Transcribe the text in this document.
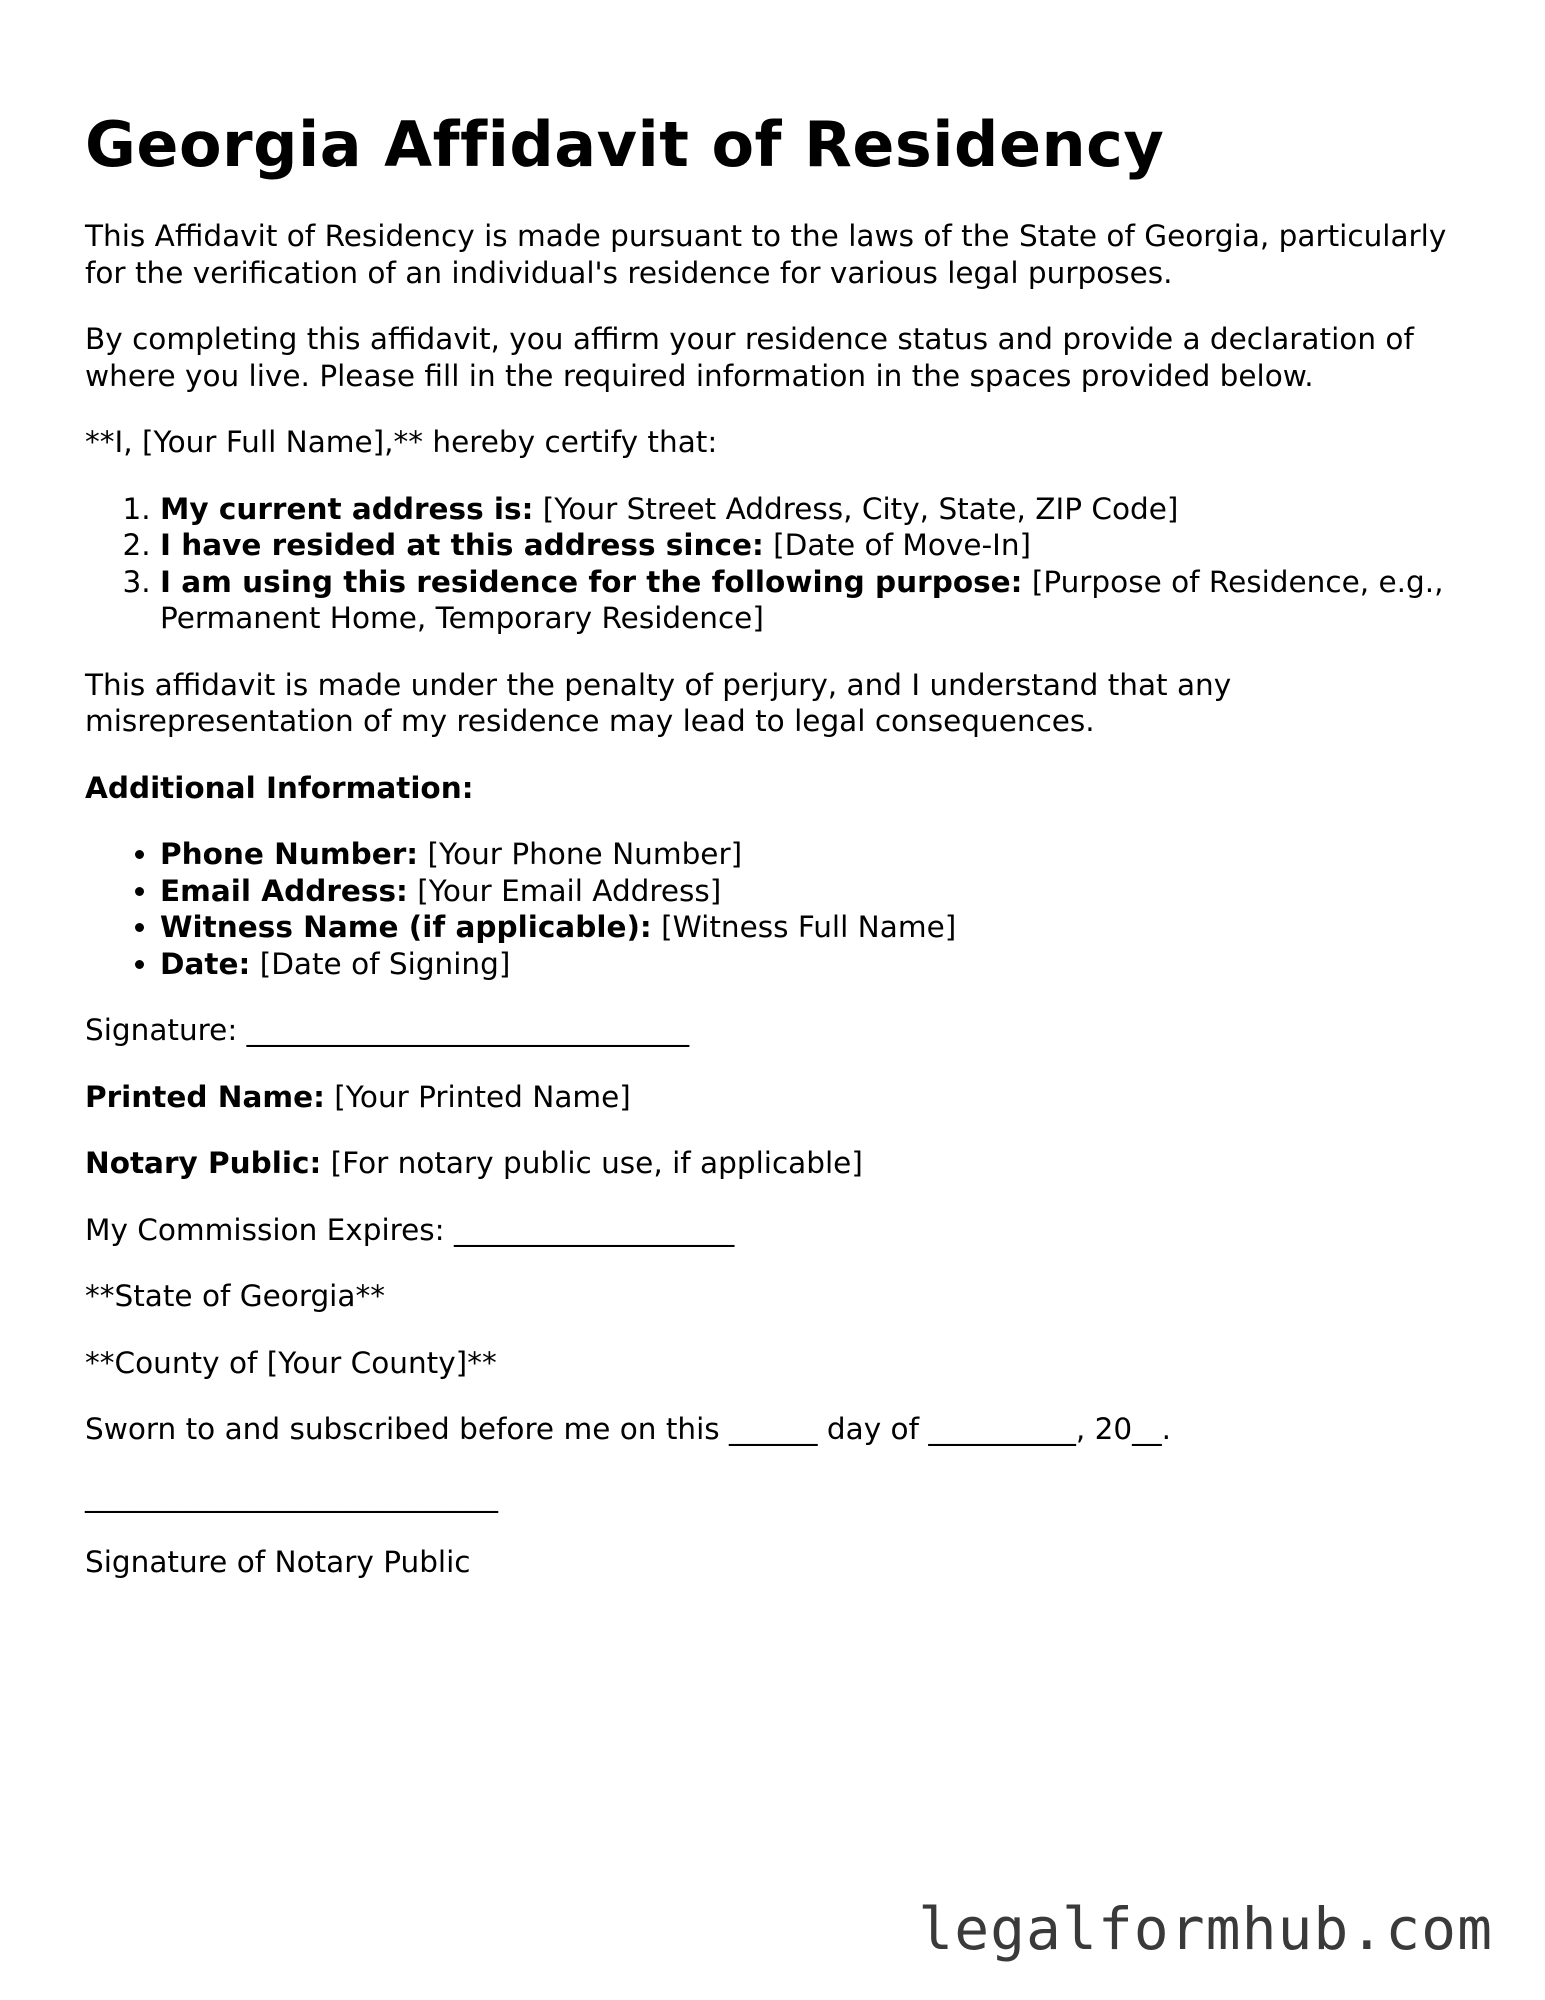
Georgia Affidavit of Residency

This Affidavit of Residency is made pursuant to the laws of the State of Georgia, particularly for the verification of an individual's residence for various legal purposes.

By completing this affidavit, you affirm your residence status and provide a declaration of where you live. Please fill in the required information in the spaces provided below.

**I, [Your Full Name],** hereby certify that:

1. My current address is: [Your Street Address, City, State, ZIP Code]
2. I have resided at this address since: [Date of Move-In]
3. I am using this residence for the following purpose: [Purpose of Residence, e.g., Permanent Home, Temporary Residence]

This affidavit is made under the penalty of perjury, and I understand that any misrepresentation of my residence may lead to legal consequences.

Additional Information:

• Phone Number: [Your Phone Number]
• Email Address: [Your Email Address]
• Witness Name (if applicable): [Witness Full Name]
• Date: [Date of Signing]

Signature: ______________________________

Printed Name: [Your Printed Name]

Notary Public: [For notary public use, if applicable]

My Commission Expires: ___________________

**State of Georgia**

**County of [Your County]**

Sworn to and subscribed before me on this ______ day of __________, 20__.

____________________________

Signature of Notary Public

legalformhub.com
